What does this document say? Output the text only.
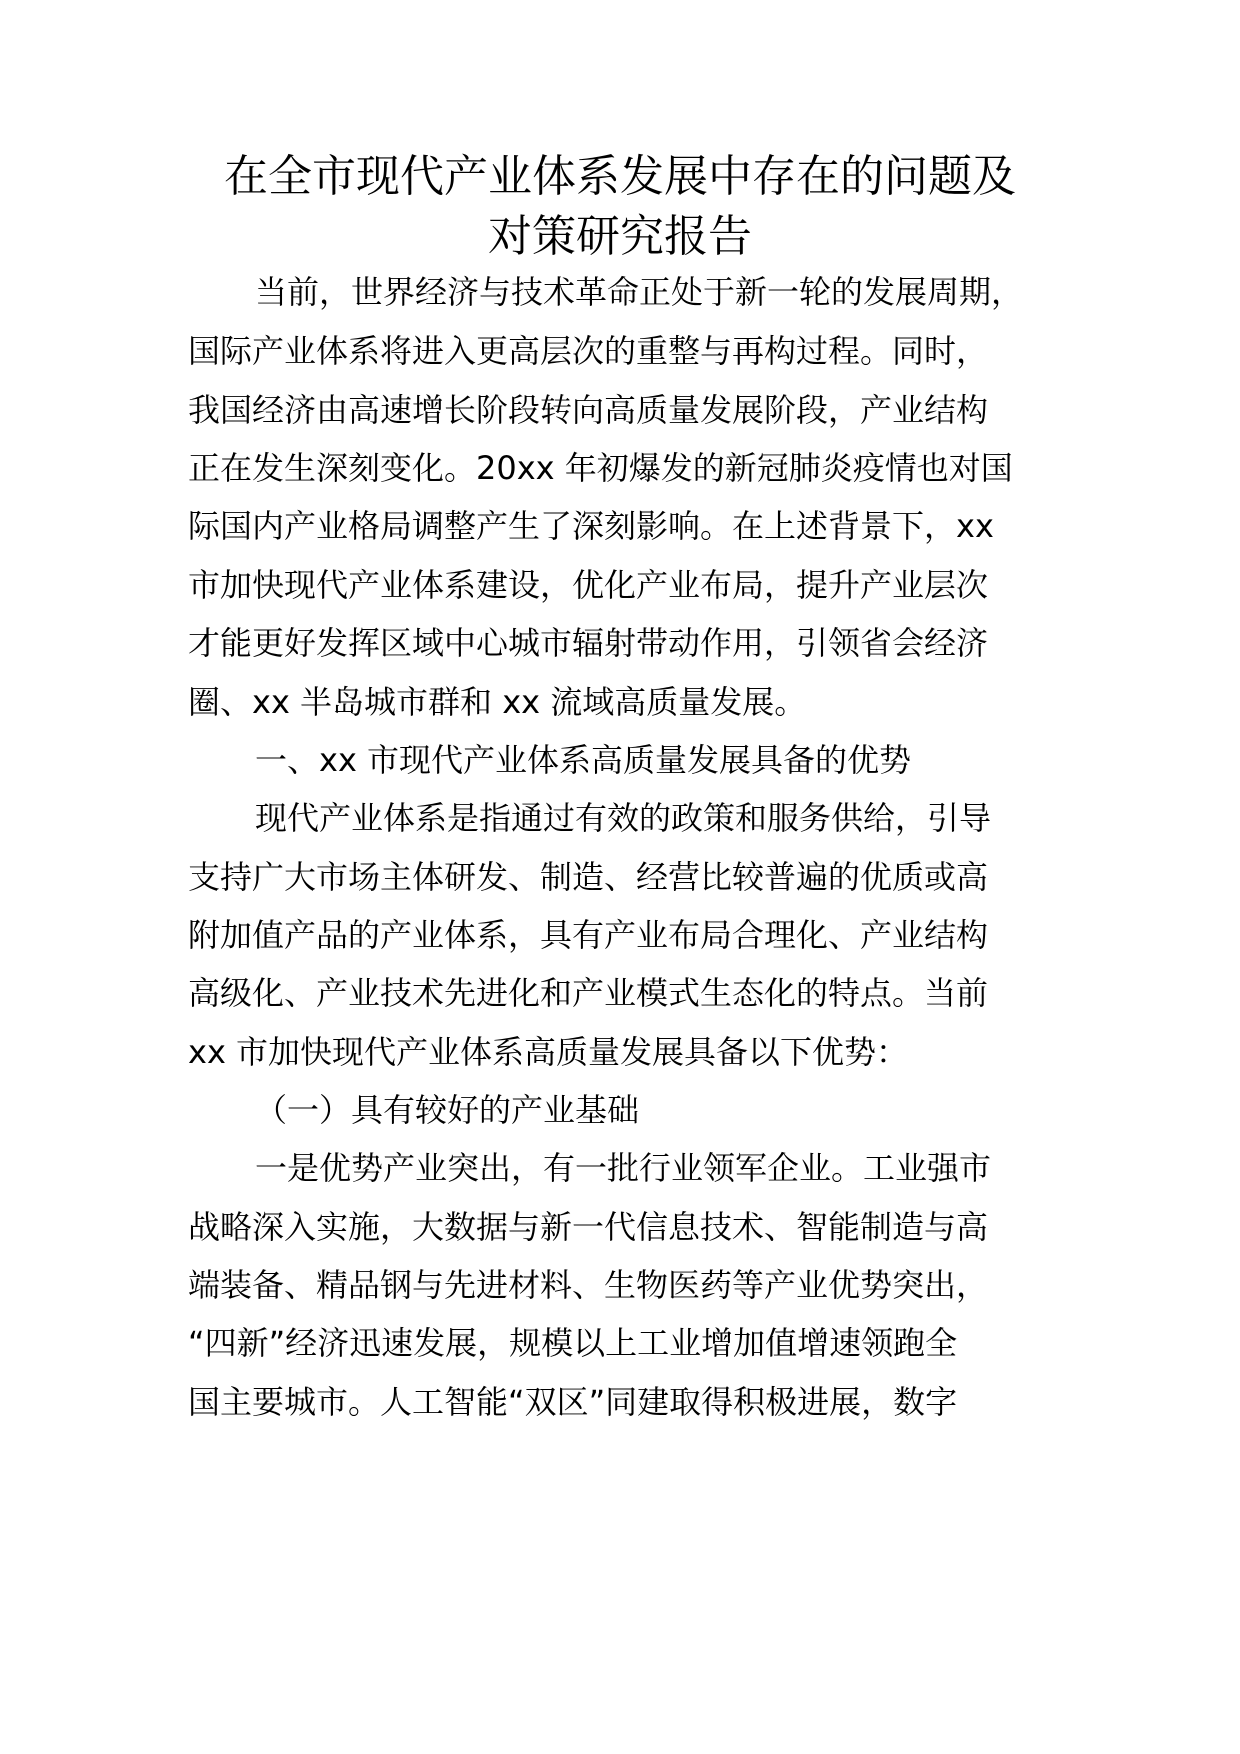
在全市现代产业体系发展中存在的问题及
对策研究报告
当前，世界经济与技术革命正处于新一轮的发展周期，
国际产业体系将进入更高层次的重整与再构过程。同时，
我国经济由高速增长阶段转向高质量发展阶段，产业结构
正在发生深刻变化。20xx 年初爆发的新冠肺炎疫情也对国
际国内产业格局调整产生了深刻影响。在上述背景下，xx
市加快现代产业体系建设，优化产业布局，提升产业层次
才能更好发挥区域中心城市辐射带动作用，引领省会经济
圈、xx 半岛城市群和 xx 流域高质量发展。
一、xx 市现代产业体系高质量发展具备的优势
现代产业体系是指通过有效的政策和服务供给，引导
支持广大市场主体研发、制造、经营比较普遍的优质或高
附加值产品的产业体系，具有产业布局合理化、产业结构
高级化、产业技术先进化和产业模式生态化的特点。当前
xx 市加快现代产业体系高质量发展具备以下优势：
（一）具有较好的产业基础
一是优势产业突出，有一批行业领军企业。工业强市
战略深入实施，大数据与新一代信息技术、智能制造与高
端装备、精品钢与先进材料、生物医药等产业优势突出，
“四新”经济迅速发展，规模以上工业增加值增速领跑全
国主要城市。人工智能“双区”同建取得积极进展，数字
